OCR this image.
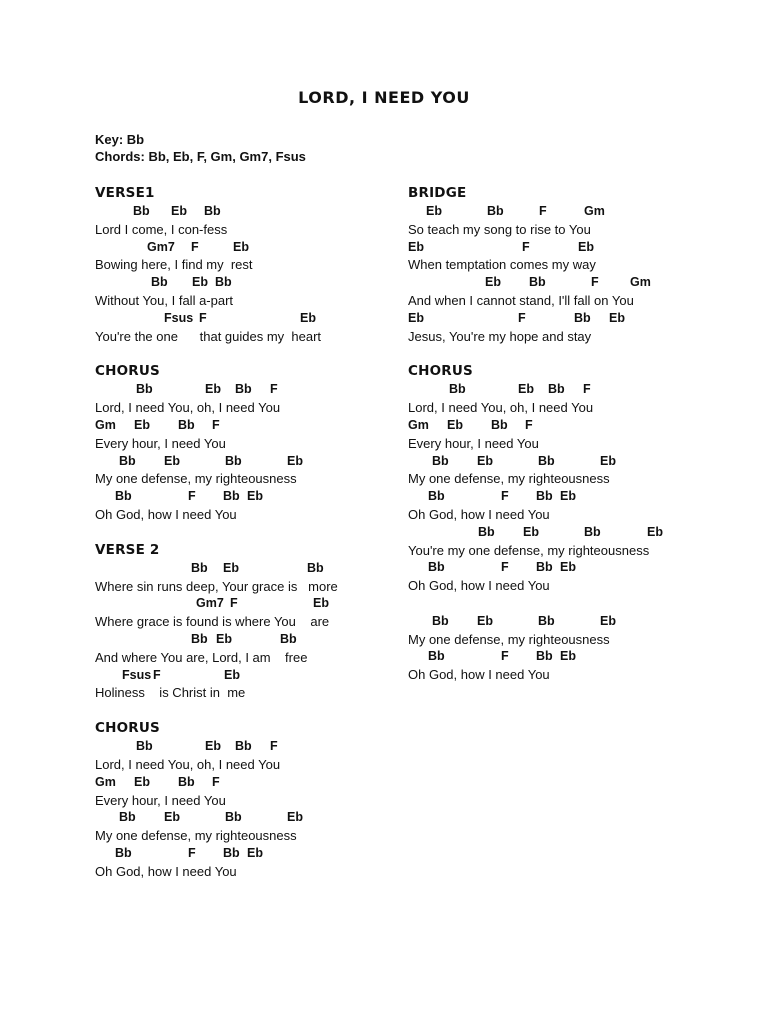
LORD, I NEED YOU
Key: Bb
Chords: Bb, Eb, F, Gm, Gm7, Fsus
VERSE1
Bb Eb Bb
Lord I come, I con-fess
Gm7 F	Eb
Bowing here, I find my  rest
Bb Eb Bb
Without You, I fall a-part
Fsus F	Eb
You're the one      that guides my  heart
CHORUS
Bb	Eb Bb F
Lord, I need You, oh, I need You
Gm Eb Bb F
Every hour, I need You
Bb Eb	Bb	Eb
My one defense, my righteousness
Bb	F Bb Eb
Oh God, how I need You
VERSE 2
Bb Eb	Bb
Where sin runs deep, Your grace is   more
Gm7 F	Eb
Where grace is found is where You    are
Bb Eb	Bb
And where You are, Lord, I am    free
Fsus F	Eb
Holiness    is Christ in  me
CHORUS
Bb	Eb Bb F
Lord, I need You, oh, I need You
Gm Eb Bb F
Every hour, I need You
Bb Eb	Bb	Eb
My one defense, my righteousness
Bb	F Bb Eb
Oh God, how I need You
BRIDGE
Eb	Bb	F	Gm
So teach my song to rise to You
Eb	F	Eb
When temptation comes my way
Eb Bb	F	Gm
And when I cannot stand, I'll fall on You
Eb	F	Bb Eb
Jesus, You're my hope and stay
CHORUS
Bb	Eb Bb F
Lord, I need You, oh, I need You
Gm Eb Bb F
Every hour, I need You
Bb Eb	Bb	Eb
My one defense, my righteousness
Bb	F Bb Eb
Oh God, how I need You
Bb Eb	Bb	Eb
You're my one defense, my righteousness
Bb	F Bb Eb
Oh God, how I need You
Bb Eb	Bb	Eb
My one defense, my righteousness
Bb	F Bb Eb
Oh God, how I need You
